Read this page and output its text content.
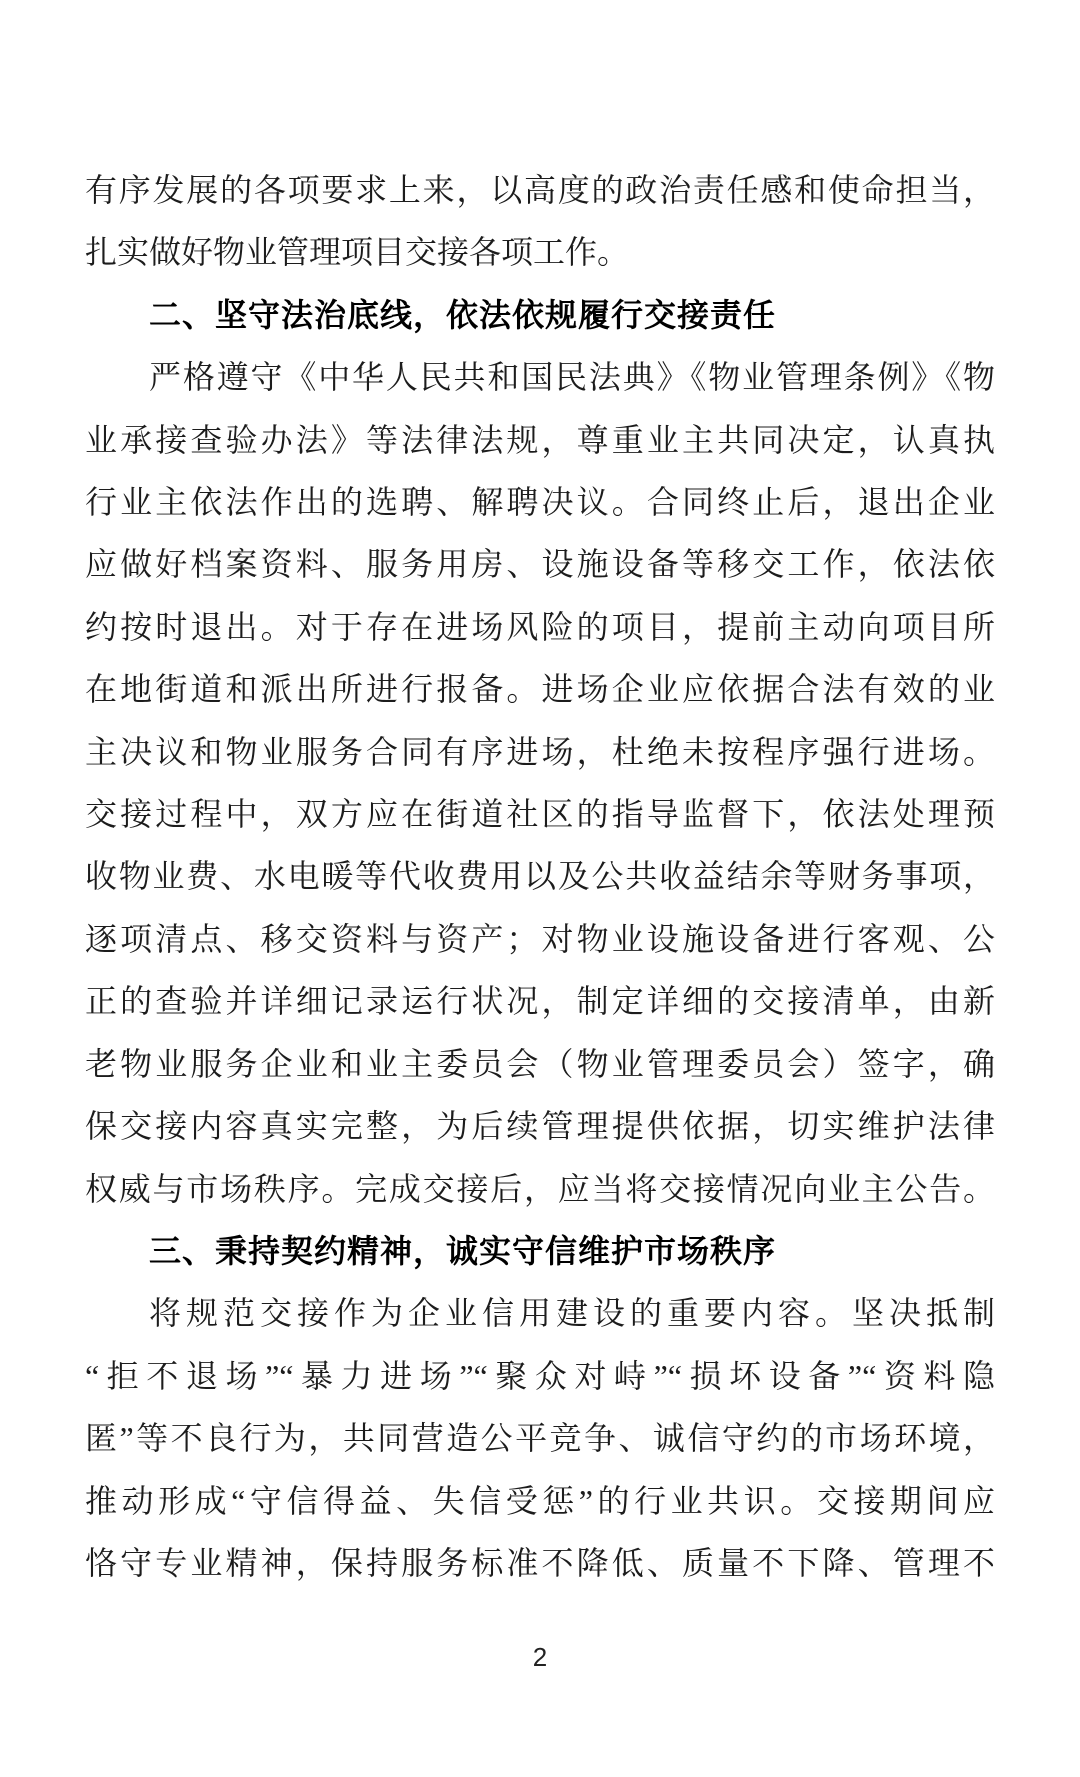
有序发展的各项要求上来，以高度的政治责任感和使命担当，

扎实做好物业管理项目交接各项工作。

二、坚守法治底线，依法依规履行交接责任

严格遵守《中华人民共和国民法典》《物业管理条例》《物

业承接查验办法》等法律法规，尊重业主共同决定，认真执

行业主依法作出的选聘、解聘决议。合同终止后，退出企业

应做好档案资料、服务用房、设施设备等移交工作，依法依

约按时退出。对于存在进场风险的项目，提前主动向项目所

在地街道和派出所进行报备。进场企业应依据合法有效的业

主决议和物业服务合同有序进场，杜绝未按程序强行进场。

交接过程中，双方应在街道社区的指导监督下，依法处理预

收物业费、水电暖等代收费用以及公共收益结余等财务事项，

逐项清点、移交资料与资产；对物业设施设备进行客观、公

正的查验并详细记录运行状况，制定详细的交接清单，由新

老物业服务企业和业主委员会（物业管理委员会）签字，确

保交接内容真实完整，为后续管理提供依据，切实维护法律

权威与市场秩序。完成交接后，应当将交接情况向业主公告。

三、秉持契约精神，诚实守信维护市场秩序

将规范交接作为企业信用建设的重要内容。坚决抵制

“拒不退场”“暴力进场”“聚众对峙”“损坏设备”“资料隐

匿”等不良行为，共同营造公平竞争、诚信守约的市场环境，

推动形成“守信得益、失信受惩”的行业共识。交接期间应

恪守专业精神，保持服务标准不降低、质量不下降、管理不

2
